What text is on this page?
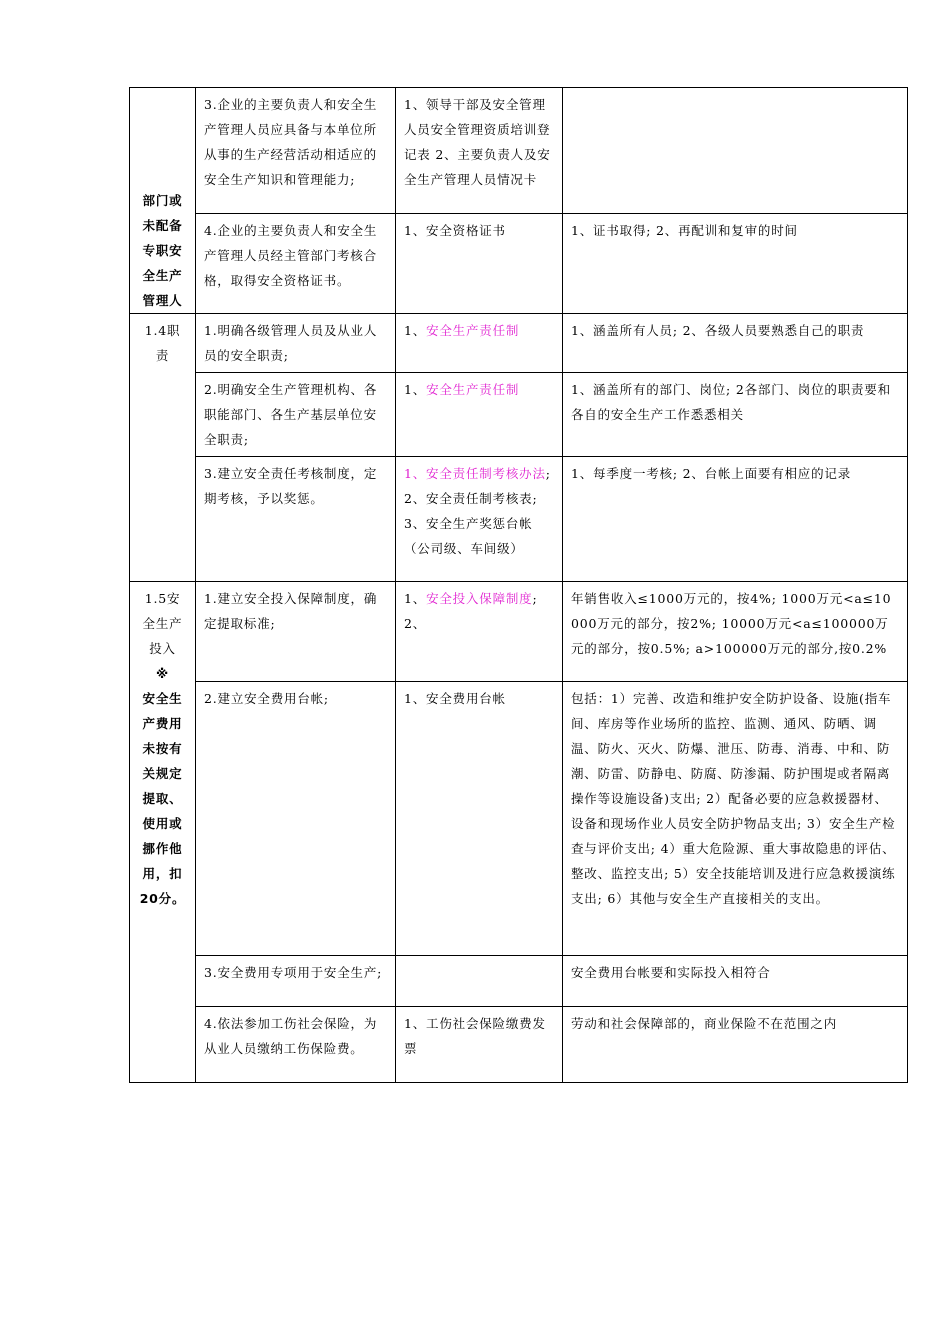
部门或未配备专职安全生产管理人	3.企业的主要负责人和安全生产管理人员应具备与本单位所从事的生产经营活动相适应的安全生产知识和管理能力;	1、领导干部及安全管理人员安全管理资质培训登记表 2、主要负责人及安全生产管理人员情况卡	
	4.企业的主要负责人和安全生产管理人员经主管部门考核合格，取得安全资格证书。	1、安全资格证书	1、证书取得; 2、再配训和复审的时间

1.4职责	1.明确各级管理人员及从业人员的安全职责;	1、安全生产责任制	1、涵盖所有人员; 2、各级人员要熟悉自己的职责
	2.明确安全生产管理机构、各职能部门、各生产基层单位安全职责;	1、安全生产责任制	1、涵盖所有的部门、岗位; 2各部门、岗位的职责要和各自的安全生产工作悉悉相关
	3.建立安全责任考核制度，定期考核，予以奖惩。	1、安全责任制考核办法; 2、安全责任制考核表; 3、安全生产奖惩台帐（公司级、车间级）	1、每季度一考核; 2、台帐上面要有相应的记录

1.5安全生产投入
※
安全生产费用未按有关规定提取、使用或挪作他用，扣20分。	1.建立安全投入保障制度，确定提取标准;	1、安全投入保障制度; 2、	年销售收入≤1000万元的，按4%; 1000万元<a≤10000万元的部分，按2%; 10000万元<a≤100000万元的部分，按0.5%; a>100000万元的部分,按0.2%
	2.建立安全费用台帐;	1、安全费用台帐	包括：1）完善、改造和维护安全防护设备、设施(指车间、库房等作业场所的监控、监测、通风、防晒、调温、防火、灭火、防爆、泄压、防毒、消毒、中和、防潮、防雷、防静电、防腐、防渗漏、防护围堤或者隔离操作等设施设备)支出; 2）配备必要的应急救援器材、设备和现场作业人员安全防护物品支出; 3）安全生产检查与评价支出; 4）重大危险源、重大事故隐患的评估、整改、监控支出; 5）安全技能培训及进行应急救援演练支出; 6）其他与安全生产直接相关的支出。
	3.安全费用专项用于安全生产;		安全费用台帐要和实际投入相符合
	4.依法参加工伤社会保险，为从业人员缴纳工伤保险费。	1、工伤社会保险缴费发票	劳动和社会保障部的，商业保险不在范围之内
